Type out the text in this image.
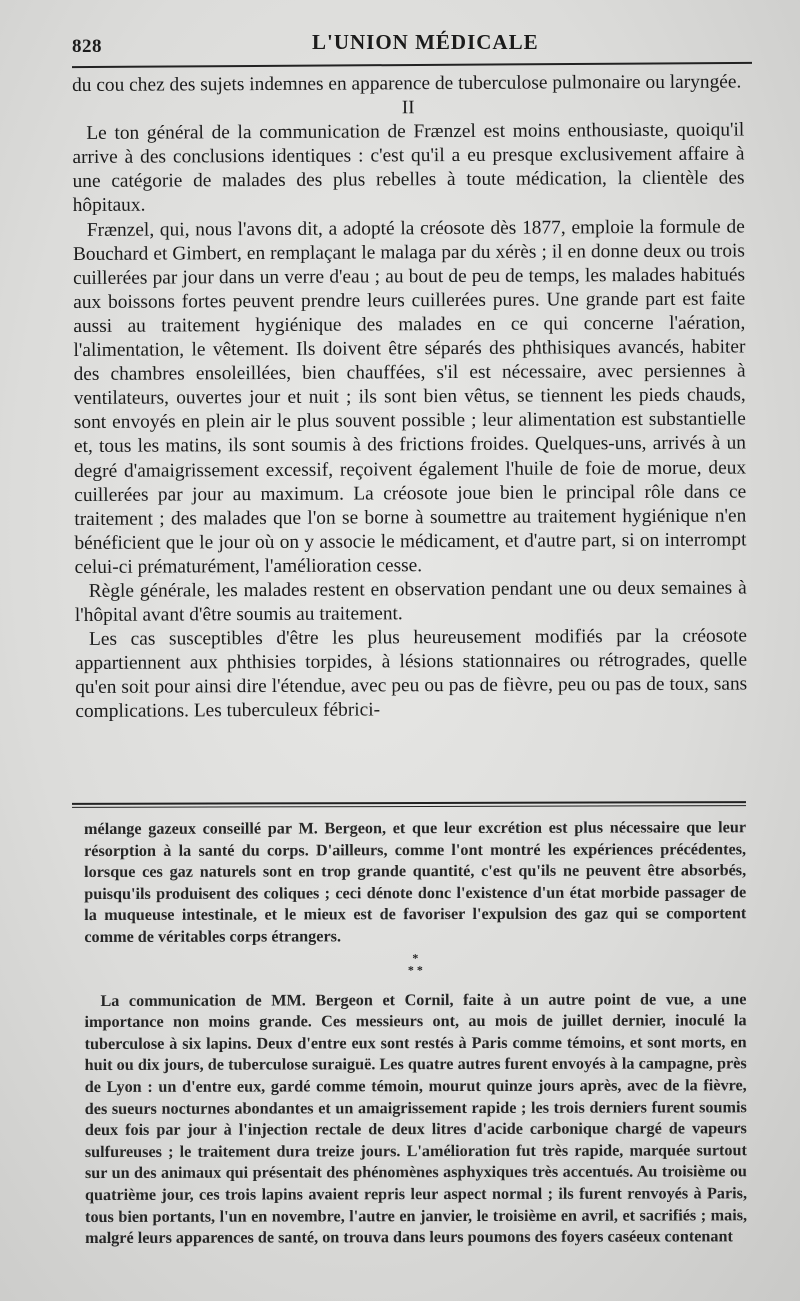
828	L'UNION MÉDICALE

du cou chez des sujets indemnes en apparence de tuberculose pulmonaire ou laryngée.

II

Le ton général de la communication de Frænzel est moins enthousiaste, quoiqu'il arrive à des conclusions identiques : c'est qu'il a eu presque exclusivement affaire à une catégorie de malades des plus rebelles à toute médication, la clientèle des hôpitaux.

Frænzel, qui, nous l'avons dit, a adopté la créosote dès 1877, emploie la formule de Bouchard et Gimbert, en remplaçant le malaga par du xérès ; il en donne deux ou trois cuillerées par jour dans un verre d'eau ; au bout de peu de temps, les malades habitués aux boissons fortes peuvent prendre leurs cuillerées pures. Une grande part est faite aussi au traitement hygiénique des malades en ce qui concerne l'aération, l'alimentation, le vêtement. Ils doivent être séparés des phthisiques avancés, habiter des chambres ensoleillées, bien chauffées, s'il est nécessaire, avec persiennes à ventilateurs, ouvertes jour et nuit ; ils sont bien vêtus, se tiennent les pieds chauds, sont envoyés en plein air le plus souvent possible ; leur alimentation est substantielle et, tous les matins, ils sont soumis à des frictions froides. Quelques-uns, arrivés à un degré d'amaigrissement excessif, reçoivent également l'huile de foie de morue, deux cuillerées par jour au maximum. La créosote joue bien le principal rôle dans ce traitement ; des malades que l'on se borne à soumettre au traitement hygiénique n'en bénéficient que le jour où on y associe le médicament, et d'autre part, si on interrompt celui-ci prématurément, l'amélioration cesse.

Règle générale, les malades restent en observation pendant une ou deux semaines à l'hôpital avant d'être soumis au traitement.

Les cas susceptibles d'être les plus heureusement modifiés par la créosote appartiennent aux phthisies torpides, à lésions stationnaires ou rétrogrades, quelle qu'en soit pour ainsi dire l'étendue, avec peu ou pas de fièvre, peu ou pas de toux, sans complications. Les tuberculeux fébrici-

mélange gazeux conseillé par M. Bergeon, et que leur excrétion est plus nécessaire que leur résorption à la santé du corps. D'ailleurs, comme l'ont montré les expériences précédentes, lorsque ces gaz naturels sont en trop grande quantité, c'est qu'ils ne peuvent être absorbés, puisqu'ils produisent des coliques ; ceci dénote donc l'existence d'un état morbide passager de la muqueuse intestinale, et le mieux est de favoriser l'expulsion des gaz qui se comportent comme de véritables corps étrangers.

*
* *

La communication de MM. Bergeon et Cornil, faite à un autre point de vue, a une importance non moins grande. Ces messieurs ont, au mois de juillet dernier, inoculé la tuberculose à six lapins. Deux d'entre eux sont restés à Paris comme témoins, et sont morts, en huit ou dix jours, de tuberculose suraiguë. Les quatre autres furent envoyés à la campagne, près de Lyon : un d'entre eux, gardé comme témoin, mourut quinze jours après, avec de la fièvre, des sueurs nocturnes abondantes et un amaigrissement rapide ; les trois derniers furent soumis deux fois par jour à l'injection rectale de deux litres d'acide carbonique chargé de vapeurs sulfureuses ; le traitement dura treize jours. L'amélioration fut très rapide, marquée surtout sur un des animaux qui présentait des phénomènes asphyxiques très accentués. Au troisième ou quatrième jour, ces trois lapins avaient repris leur aspect normal ; ils furent renvoyés à Paris, tous bien portants, l'un en novembre, l'autre en janvier, le troisième en avril, et sacrifiés ; mais, malgré leurs apparences de santé, on trouva dans leurs poumons des foyers caséeux contenant
